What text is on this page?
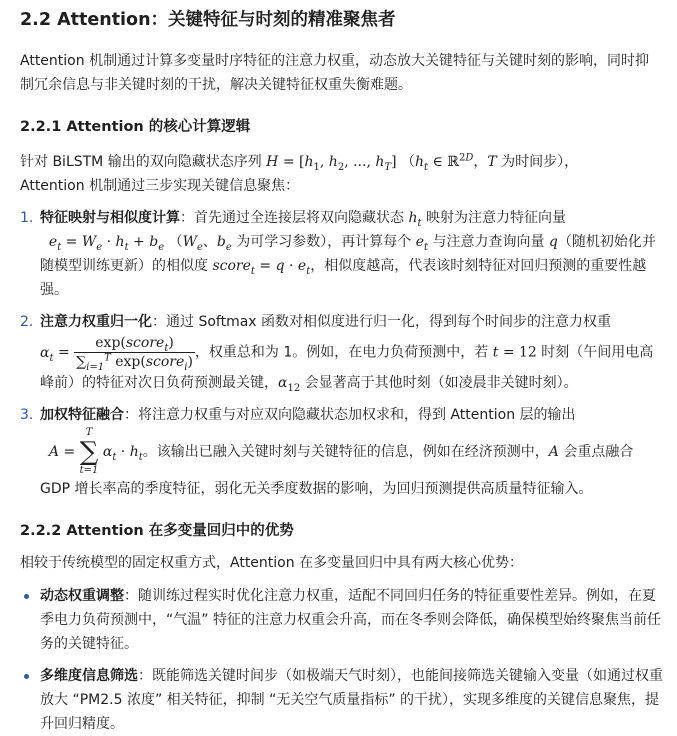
2.2 Attention：关键特征与时刻的精准聚焦者

Attention 机制通过计算多变量时序特征的注意力权重，动态放大关键特征与关键时刻的影响，同时抑制冗余信息与非关键时刻的干扰，解决关键特征权重失衡难题。

2.2.1 Attention 的核心计算逻辑

针对 BiLSTM 输出的双向隐藏状态序列 $H = [h_1$, $h_2$, ..., $h_T$] （$h_t$ ∈ ℝ$^{2D}$，T 为时间步），
Attention 机制通过三步实现关键信息聚焦：

1. 特征映射与相似度计算：首先通过全连接层将双向隐藏状态 $h_t$ 映射为注意力特征向量
$e_t = W_e \cdot h_t + b_e$ （$W_e$、$b_e$ 为可学习参数），再计算每个 $e_t$ 与注意力查询向量 q（随机初始化并随模型训练更新）的相似度 score$_t$ = $q \cdot e_t$，相似度越高，代表该时刻特征对回归预测的重要性越强。
2. 注意力权重归一化：通过 Softmax 函数对相似度进行归一化，得到每个时间步的注意力权重
$\alpha_t = \frac{\exp(score_t)}{\sum_{i=1}^T \exp(score_i)}$ ，权重总和为 1。例如，在电力负荷预测中，若 t = 12 时刻（午间用电高峰前）的特征对次日负荷预测最关键，$\alpha_{12}$ 会显著高于其他时刻（如凌晨非关键时刻）。
3. 加权特征融合：将注意力权重与对应双向隐藏状态加权求和，得到 Attention 层的输出
A =
T
∑
t=1
$\alpha_t \cdot h_t$。该输出已融入关键时刻与关键特征的信息，例如在经济预测中，A 会重点融合 GDP 增长率高的季度特征，弱化无关季度数据的影响，为回归预测提供高质量特征输入。
2.2.2 Attention 在多变量回归中的优势

相较于传统模型的固定权重方式，Attention 在多变量回归中具有两大核心优势：

动态权重调整：随训练过程实时优化注意力权重，适配不同回归任务的特征重要性差异。例如，在夏季电力负荷预测中，“气温” 特征的注意力权重会升高，而在冬季则会降低，确保模型始终聚焦当前任务的关键特征。
多维度信息筛选：既能筛选关键时间步（如极端天气时刻），也能间接筛选关键输入变量（如通过权重放大 “PM2.5 浓度” 相关特征，抑制 “无关空气质量指标” 的干扰），实现多维度的关键信息聚焦，提升回归精度。
